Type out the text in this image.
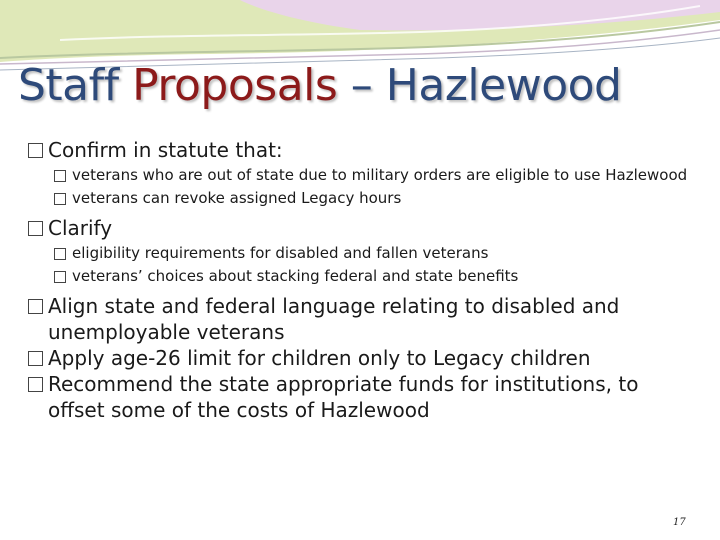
Staff Proposals – Hazlewood
Confirm in statute that:
veterans who are out of state due to military orders are eligible to use Hazlewood
veterans can revoke assigned Legacy hours
Clarify
eligibility requirements for disabled and fallen veterans
veterans’ choices about stacking federal and state benefits
Align state and federal language relating to disabled and unemployable veterans
Apply age-26 limit for children only to Legacy children
Recommend the state appropriate funds for institutions, to offset some of the costs of Hazlewood
17
